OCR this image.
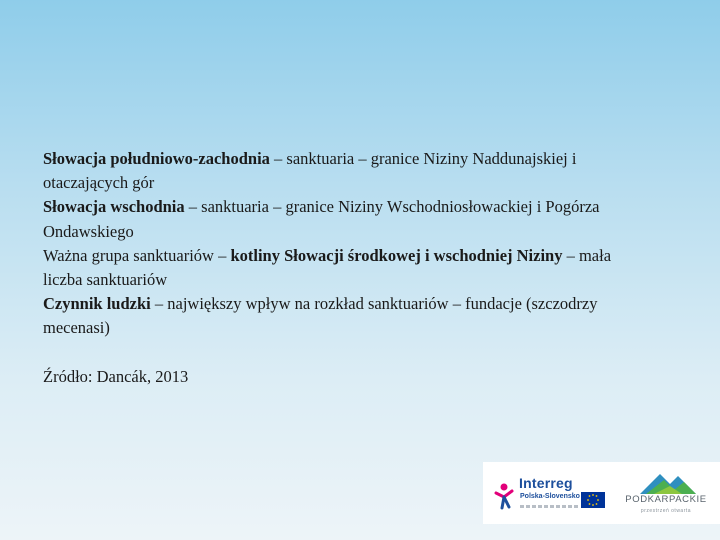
Słowacja południowo-zachodnia – sanktuaria – granice Niziny Naddunajskiej i otaczających gór

Słowacja wschodnia – sanktuaria – granice Niziny Wschodniosłowackiej i Pogórza Ondawskiego

Ważna grupa sanktuariów – kotliny Słowacji środkowej i wschodniej Niziny – mała liczba sanktuariów

Czynnik ludzki – największy wpływ na rozkład sanktuariów – fundacje (szczodrzy mecenasi)

Źródło: Dancák, 2013

Interreg
Polska-Slovensko	PODKARPACKIE
przestrzeń otwarta
